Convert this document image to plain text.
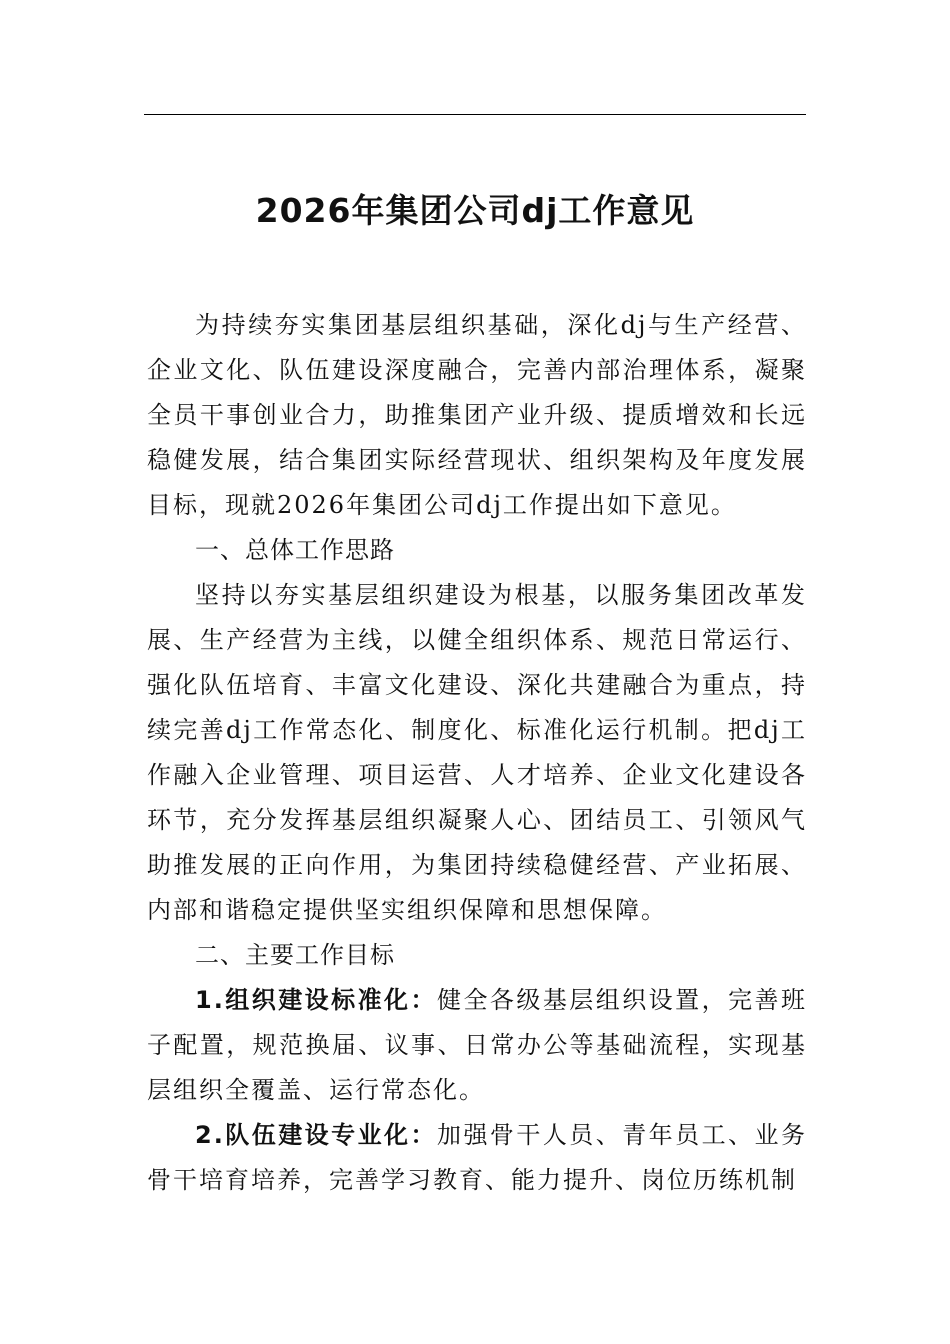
2026年集团公司dj工作意见

为持续夯实集团基层组织基础，深化dj与生产经营、企业文化、队伍建设深度融合，完善内部治理体系，凝聚全员干事创业合力，助推集团产业升级、提质增效和长远稳健发展，结合集团实际经营现状、组织架构及年度发展目标，现就2026年集团公司dj工作提出如下意见。

一、总体工作思路

坚持以夯实基层组织建设为根基，以服务集团改革发展、生产经营为主线，以健全组织体系、规范日常运行、强化队伍培育、丰富文化建设、深化共建融合为重点，持续完善dj工作常态化、制度化、标准化运行机制。把dj工作融入企业管理、项目运营、人才培养、企业文化建设各环节，充分发挥基层组织凝聚人心、团结员工、引领风气助推发展的正向作用，为集团持续稳健经营、产业拓展、内部和谐稳定提供坚实组织保障和思想保障。

二、主要工作目标

1.组织建设标准化：健全各级基层组织设置，完善班子配置，规范换届、议事、日常办公等基础流程，实现基层组织全覆盖、运行常态化。

2.队伍建设专业化：加强骨干人员、青年员工、业务骨干培育培养，完善学习教育、能力提升、岗位历练机制
